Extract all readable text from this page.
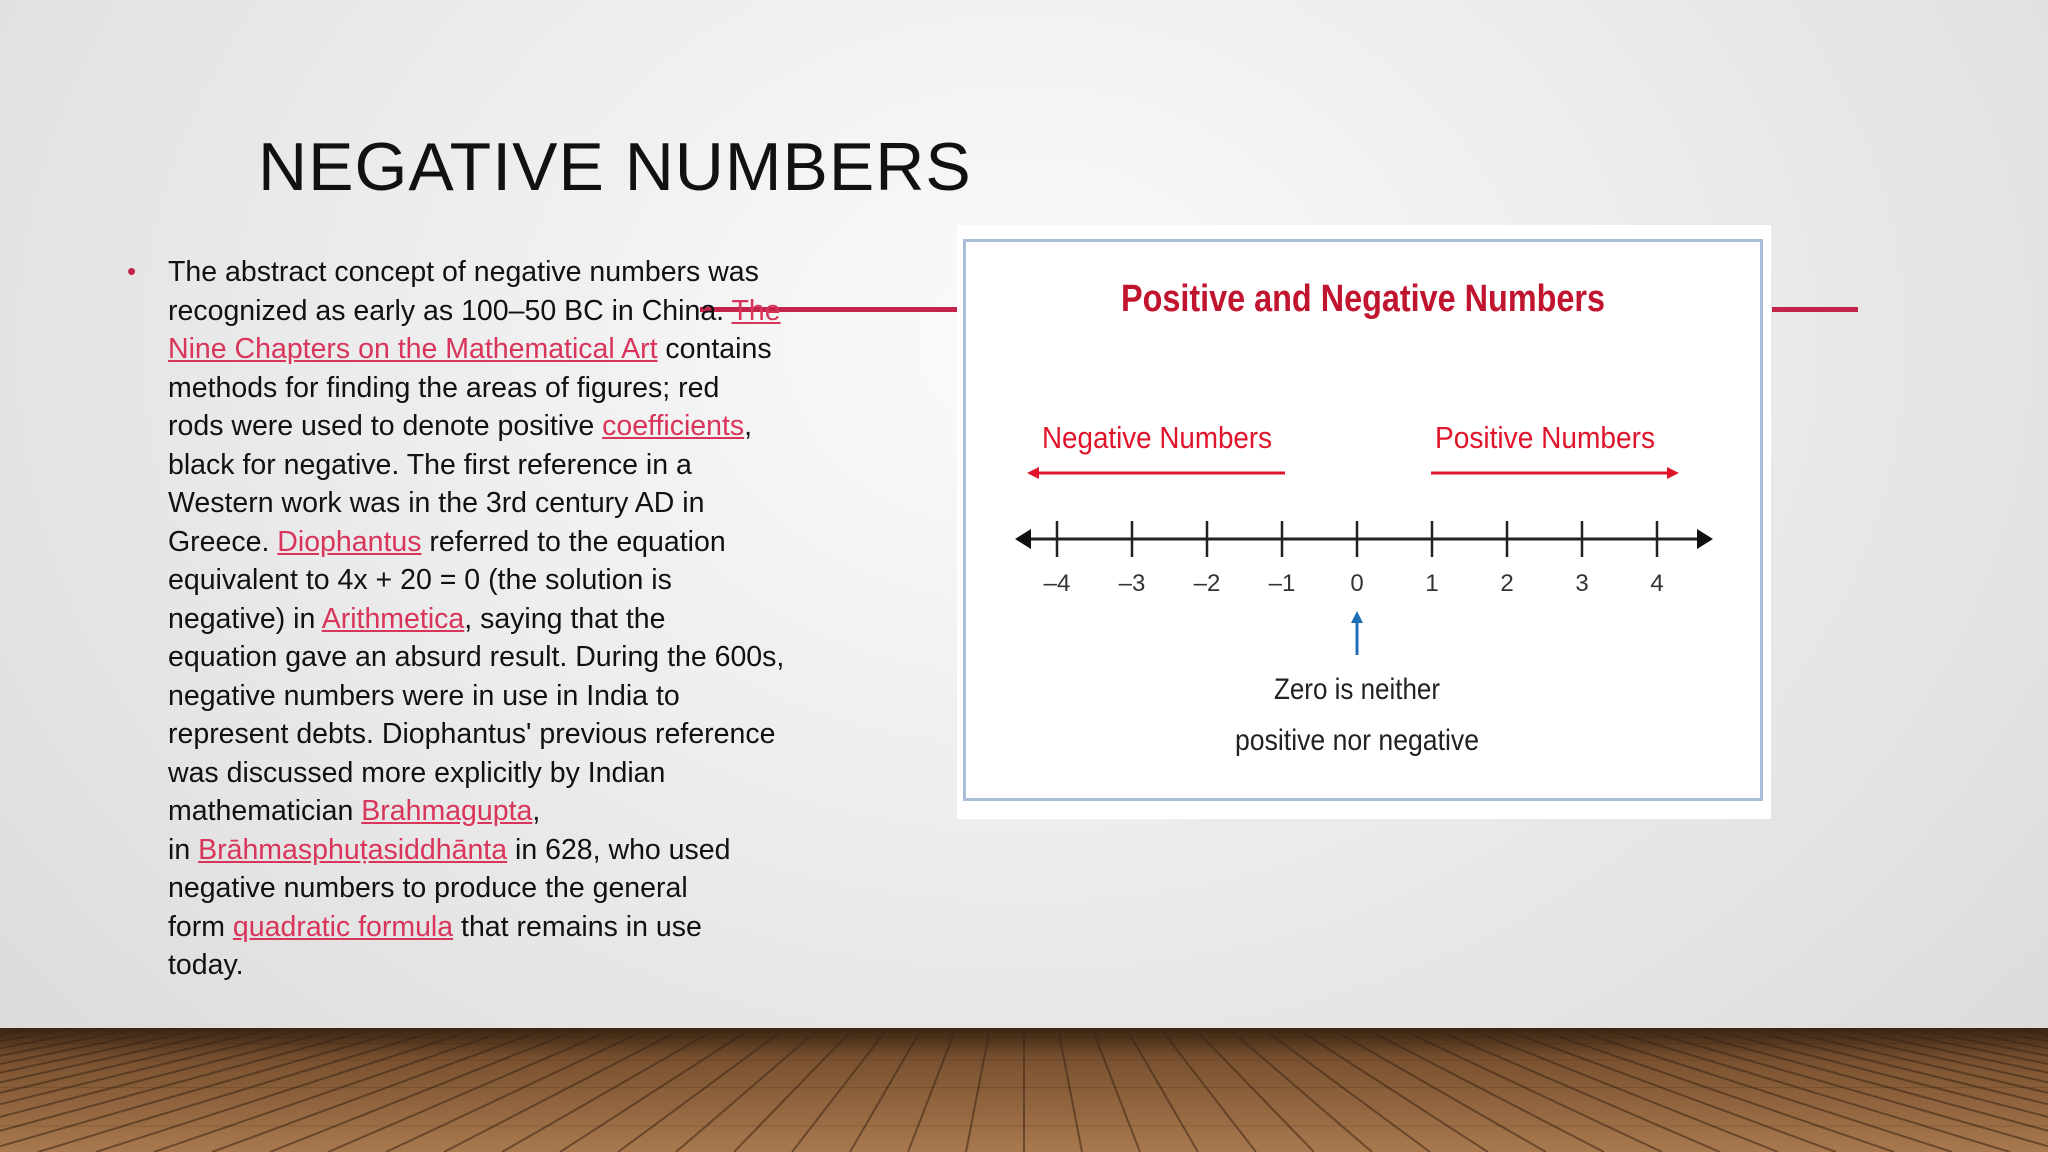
NEGATIVE NUMBERS
• The abstract concept of negative numbers was
recognized as early as 100–50 BC in China. The
Nine Chapters on the Mathematical Art contains
methods for finding the areas of figures; red
rods were used to denote positive coefficients,
black for negative. The first reference in a
Western work was in the 3rd century AD in
Greece. Diophantus referred to the equation
equivalent to 4x + 20 = 0 (the solution is
negative) in Arithmetica, saying that the
equation gave an absurd result. During the 600s,
negative numbers were in use in India to
represent debts. Diophantus' previous reference
was discussed more explicitly by Indian
mathematician Brahmagupta,
in Brāhmasphuṭasiddhānta in 628, who used
negative numbers to produce the general
form quadratic formula that remains in use
today.
Positive and Negative Numbers
Negative Numbers	Positive Numbers
–4 –3 –2 –1 0	1	2	3	4
Zero is neither
positive nor negative
